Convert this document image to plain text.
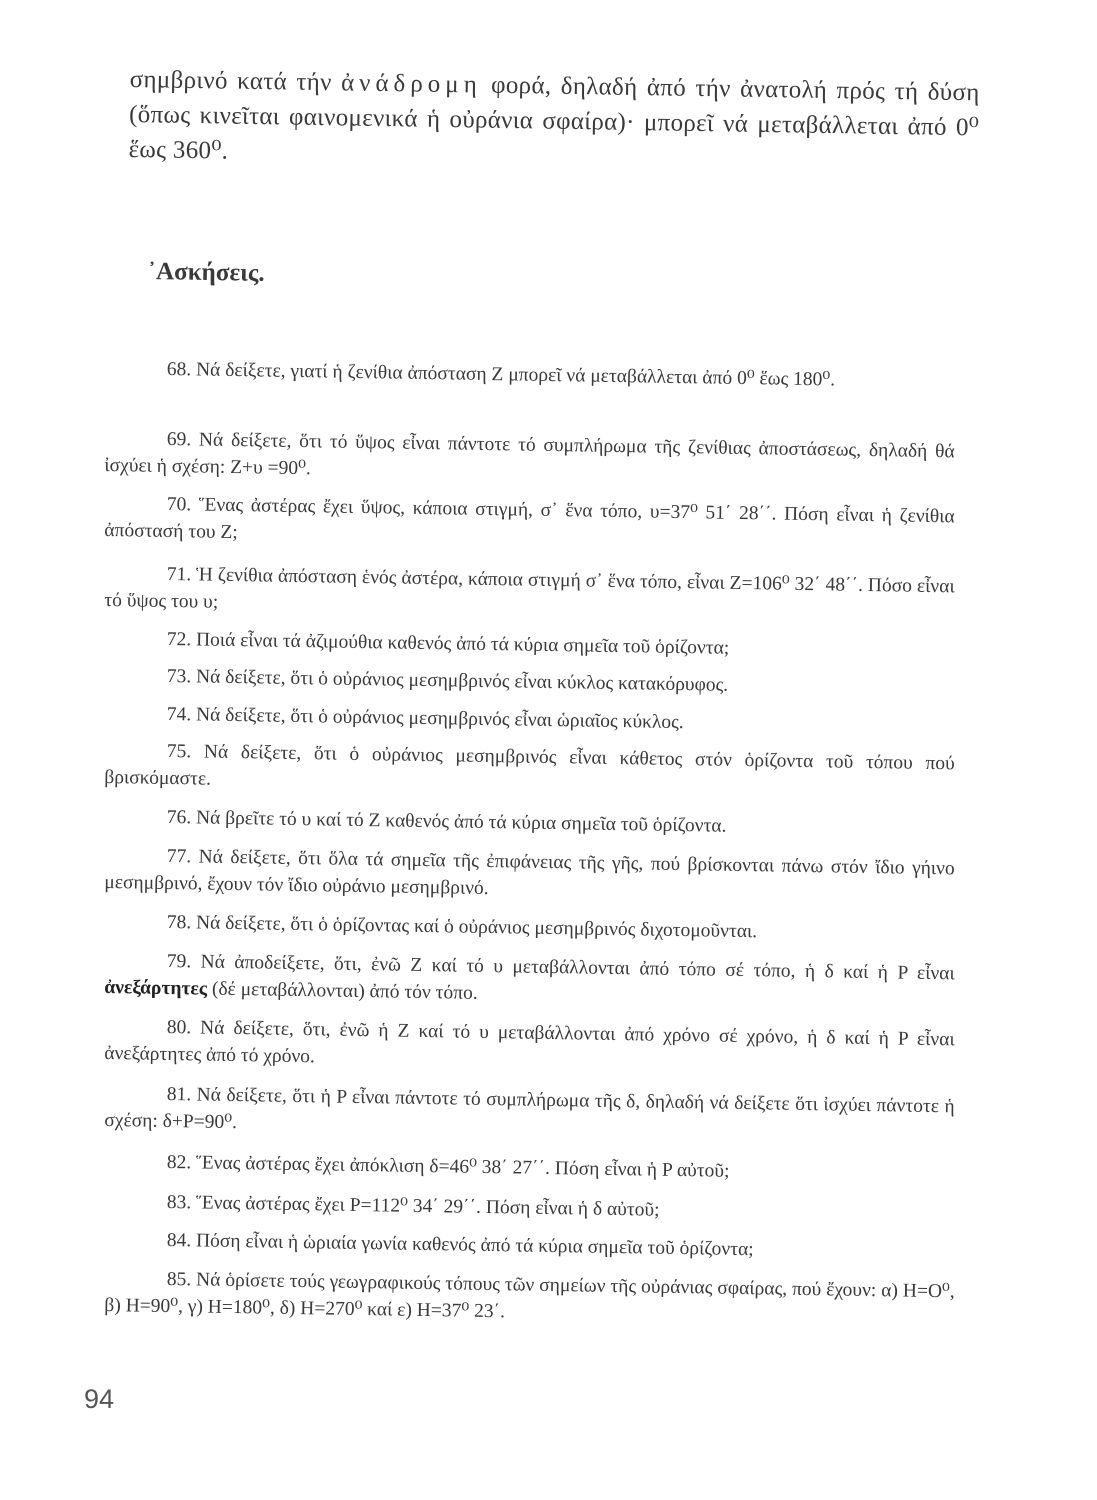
σημβρινό κατά τήν ἀνάδρομη φορά, δηλαδή ἀπό τήν ἀνατολή πρός τή δύση (ὅπως κινεῖται φαινομενικά ἡ οὐράνια σφαίρα)· μπορεῖ νά μεταβάλλεται ἀπό 0⁰ ἕως 360⁰.

᾿Ασκήσεις.

68. Νά δείξετε, γιατί ἡ ζενίθια ἀπόσταση Z μπορεῖ νά μεταβάλλεται ἀπό 0⁰ ἕως 180⁰.

69. Νά δείξετε, ὅτι τό ὕψος εἶναι πάντοτε τό συμπλήρωμα τῆς ζενίθιας ἀποστάσεως, δηλαδή θά ἰσχύει ἡ σχέση: Z+υ =90⁰.

70. Ἕνας ἀστέρας ἔχει ὕψος, κάποια στιγμή, σ᾿ ἕνα τόπο, υ=37⁰ 51΄ 28΄΄. Πόση εἶναι ἡ ζενίθια ἀπόστασή του Z;

71. Ἡ ζενίθια ἀπόσταση ἑνός ἀστέρα, κάποια στιγμή σ᾿ ἕνα τόπο, εἶναι Z=106⁰ 32΄ 48΄΄. Πόσο εἶναι τό ὕψος του υ;

72. Ποιά εἶναι τά ἀζιμούθια καθενός ἀπό τά κύρια σημεῖα τοῦ ὁρίζοντα;

73. Νά δείξετε, ὅτι ὁ οὐράνιος μεσημβρινός εἶναι κύκλος κατακόρυφος.

74. Νά δείξετε, ὅτι ὁ οὐράνιος μεσημβρινός εἶναι ὡριαῖος κύκλος.

75. Νά δείξετε, ὅτι ὁ οὐράνιος μεσημβρινός εἶναι κάθετος στόν ὁρίζοντα τοῦ τόπου πού βρισκόμαστε.

76. Νά βρεῖτε τό υ καί τό Z καθενός ἀπό τά κύρια σημεῖα τοῦ ὁρίζοντα.

77. Νά δείξετε, ὅτι ὅλα τά σημεῖα τῆς ἐπιφάνειας τῆς γῆς, πού βρίσκονται πάνω στόν ἴδιο γήινο μεσημβρινό, ἔχουν τόν ἴδιο οὐράνιο μεσημβρινό.

78. Νά δείξετε, ὅτι ὁ ὁρίζοντας καί ὁ οὐράνιος μεσημβρινός διχοτομοῦνται.

79. Νά ἀποδείξετε, ὅτι, ἐνῶ Z καί τό υ μεταβάλλονται ἀπό τόπο σέ τόπο, ἡ δ καί ἡ P εἶναι ἀνεξάρτητες (δέ μεταβάλλονται) ἀπό τόν τόπο.

80. Νά δείξετε, ὅτι, ἐνῶ ἡ Z καί τό υ μεταβάλλονται ἀπό χρόνο σέ χρόνο, ἡ δ καί ἡ P εἶναι ἀνεξάρτητες ἀπό τό χρόνο.

81. Νά δείξετε, ὅτι ἡ P εἶναι πάντοτε τό συμπλήρωμα τῆς δ, δηλαδή νά δείξετε ὅτι ἰσχύει πάντοτε ἡ σχέση: δ+P=90⁰.

82. Ἕνας ἀστέρας ἔχει ἀπόκλιση δ=46⁰ 38΄ 27΄΄. Πόση εἶναι ἡ P αὐτοῦ;

83. Ἕνας ἀστέρας ἔχει P=112⁰ 34΄ 29΄΄. Πόση εἶναι ἡ δ αὐτοῦ;

84. Πόση εἶναι ἡ ὡριαία γωνία καθενός ἀπό τά κύρια σημεῖα τοῦ ὁρίζοντα;

85. Νά ὁρίσετε τούς γεωγραφικούς τόπους τῶν σημείων τῆς οὐράνιας σφαίρας, πού ἔχουν: α) H=O⁰, β) H=90⁰, γ) H=180⁰, δ) H=270⁰ καί ε) H=37⁰ 23΄.

94
